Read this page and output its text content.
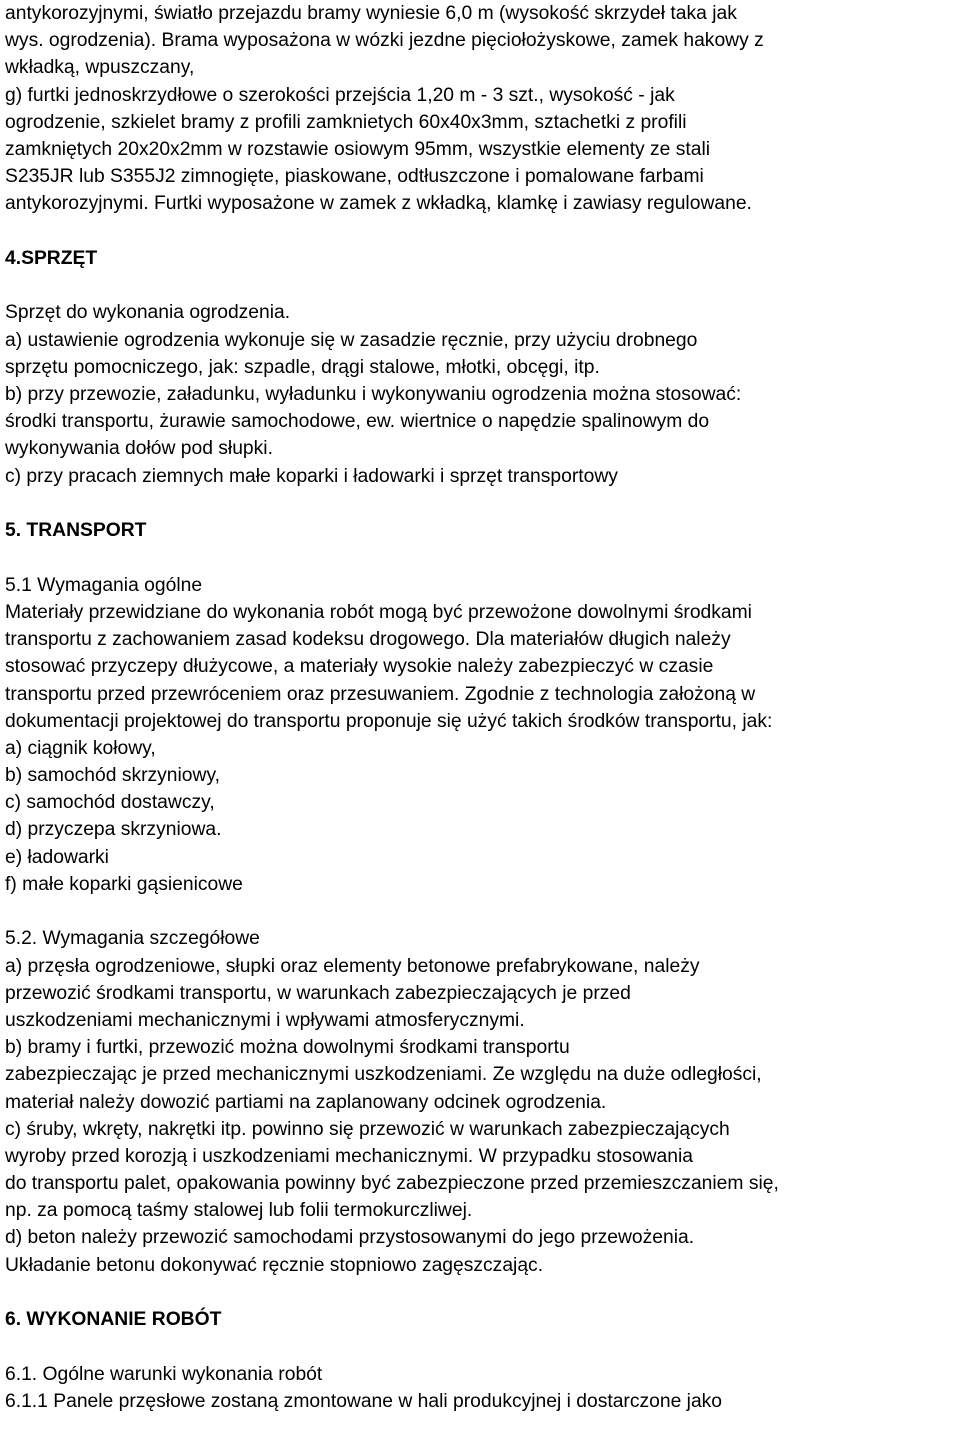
antykorozyjnymi, światło przejazdu bramy wyniesie 6,0 m (wysokość skrzydeł taka jak
wys. ogrodzenia). Brama wyposażona w wózki jezdne pięciołożyskowe, zamek hakowy z
wkładką, wpuszczany,
g) furtki jednoskrzydłowe o szerokości przejścia 1,20 m - 3 szt., wysokość - jak
ogrodzenie, szkielet bramy z profili zamknietych 60x40x3mm, sztachetki z profili
zamkniętych 20x20x2mm w rozstawie osiowym 95mm, wszystkie elementy ze stali
S235JR lub S355J2 zimnogięte, piaskowane, odtłuszczone i pomalowane farbami
antykorozyjnymi. Furtki wyposażone w zamek z wkładką, klamkę i zawiasy regulowane.
4.SPRZĘT
Sprzęt do wykonania ogrodzenia.
a) ustawienie ogrodzenia wykonuje się w zasadzie ręcznie, przy użyciu drobnego
sprzętu pomocniczego, jak: szpadle, drągi stalowe, młotki, obcęgi, itp.
b) przy przewozie, załadunku, wyładunku i wykonywaniu ogrodzenia można stosować:
środki transportu, żurawie samochodowe, ew. wiertnice o napędzie spalinowym do
wykonywania dołów pod słupki.
c) przy pracach ziemnych małe koparki i ładowarki i sprzęt transportowy
5. TRANSPORT
5.1 Wymagania ogólne
Materiały przewidziane do wykonania robót mogą być przewożone dowolnymi środkami
transportu z zachowaniem zasad kodeksu drogowego. Dla materiałów długich należy
stosować przyczepy dłużycowe, a materiały wysokie należy zabezpieczyć w czasie
transportu przed przewróceniem oraz przesuwaniem. Zgodnie z technologia założoną w
dokumentacji projektowej do transportu proponuje się użyć takich środków transportu, jak:
a) ciągnik kołowy,
b) samochód skrzyniowy,
c) samochód dostawczy,
d) przyczepa skrzyniowa.
e) ładowarki
f) małe koparki gąsienicowe
5.2. Wymagania szczegółowe
a) przęsła ogrodzeniowe, słupki oraz elementy betonowe prefabrykowane, należy
przewozić środkami transportu, w warunkach zabezpieczających je przed
uszkodzeniami mechanicznymi i wpływami atmosferycznymi.
b) bramy i furtki, przewozić można dowolnymi środkami transportu
zabezpieczając je przed mechanicznymi uszkodzeniami. Ze względu na duże odległości,
materiał należy dowozić partiami na zaplanowany odcinek ogrodzenia.
c) śruby, wkręty, nakrętki itp. powinno się przewozić w warunkach zabezpieczających
wyroby przed korozją i uszkodzeniami mechanicznymi. W przypadku stosowania
do transportu palet, opakowania powinny być zabezpieczone przed przemieszczaniem się,
np. za pomocą taśmy stalowej lub folii termokurczliwej.
d) beton należy przewozić samochodami przystosowanymi do jego przewożenia.
Układanie betonu dokonywać ręcznie stopniowo zagęszczając.
6. WYKONANIE ROBÓT
6.1. Ogólne warunki wykonania robót
6.1.1 Panele przęsłowe zostaną zmontowane w hali produkcyjnej i dostarczone jako
